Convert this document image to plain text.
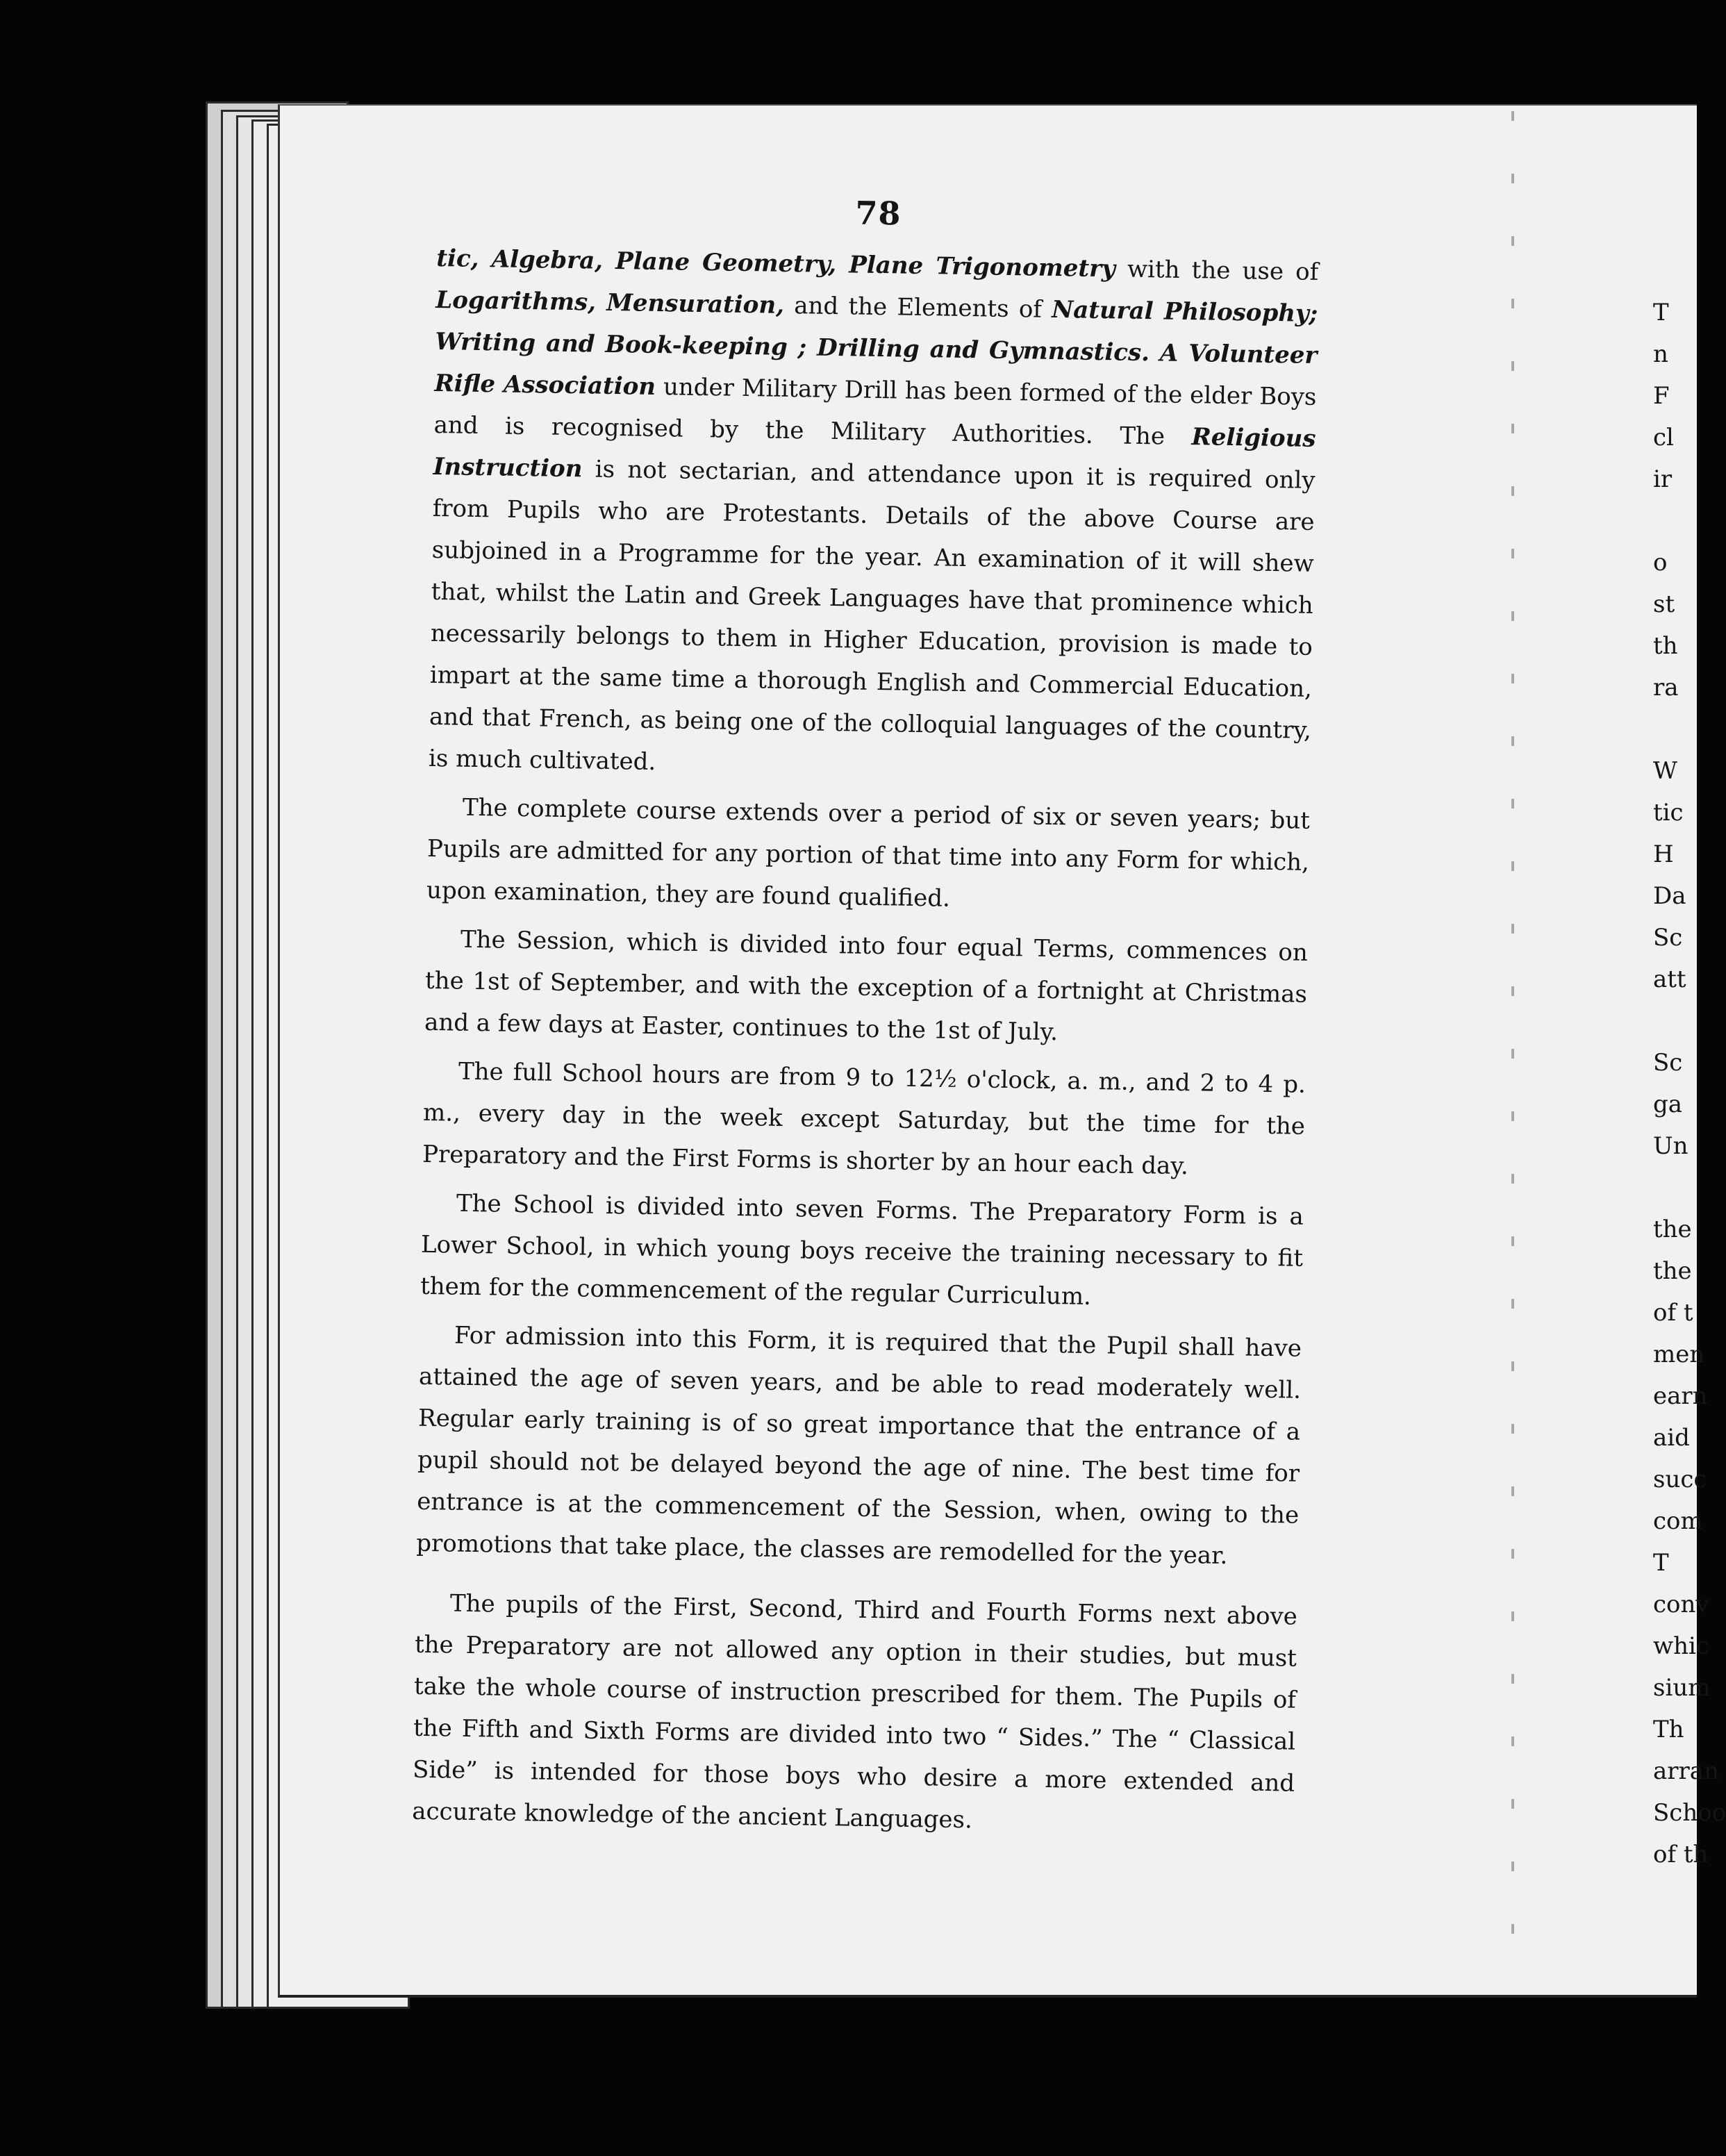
78

tic, Algebra, Plane Geometry, Plane Trigonometry with the use of Logarithms, Mensuration, and the Elements of Natural Philosophy; Writing and Book-keeping ; Drilling and Gymnastics. A Volunteer Rifle Association under Military Drill has been formed of the elder Boys and is recognised by the Military Authorities. The Religious Instruction is not sectarian, and attendance upon it is required only from Pupils who are Protestants. Details of the above Course are subjoined in a Programme for the year. An examination of it will shew that, whilst the Latin and Greek Languages have that prominence which necessarily belongs to them in Higher Education, provision is made to impart at the same time a thorough English and Commercial Education, and that French, as being one of the colloquial languages of the country, is much cultivated.

The complete course extends over a period of six or seven years; but Pupils are admitted for any portion of that time into any Form for which, upon examination, they are found qualified.

The Session, which is divided into four equal Terms, commences on the 1st of September, and with the exception of a fortnight at Christmas and a few days at Easter, continues to the 1st of July.

The full School hours are from 9 to 12½ o'clock, a. m., and 2 to 4 p. m., every day in the week except Saturday, but the time for the Preparatory and the First Forms is shorter by an hour each day.

The School is divided into seven Forms. The Preparatory Form is a Lower School, in which young boys receive the training necessary to fit them for the commencement of the regular Curriculum.

For admission into this Form, it is required that the Pupil shall have attained the age of seven years, and be able to read moderately well. Regular early training is of so great importance that the entrance of a pupil should not be delayed beyond the age of nine. The best time for entrance is at the commencement of the Session, when, owing to the promotions that take place, the classes are remodelled for the year.

The pupils of the First, Second, Third and Fourth Forms next above the Preparatory are not allowed any option in their studies, but must take the whole course of instruction prescribed for them. The Pupils of the Fifth and Sixth Forms are divided into two “ Sides.” The “ Classical Side” is intended for those boys who desire a more extended and accurate knowledge of the ancient Languages.

T
n
F
cl
ir
o
st
th
ra
W
tic
H
Da
Sc
att
Sc
ga
Un
the
the
of t
men
earn
aid
succ
com
T
conv
whic
sium
Th
arran
Schoo
of th
